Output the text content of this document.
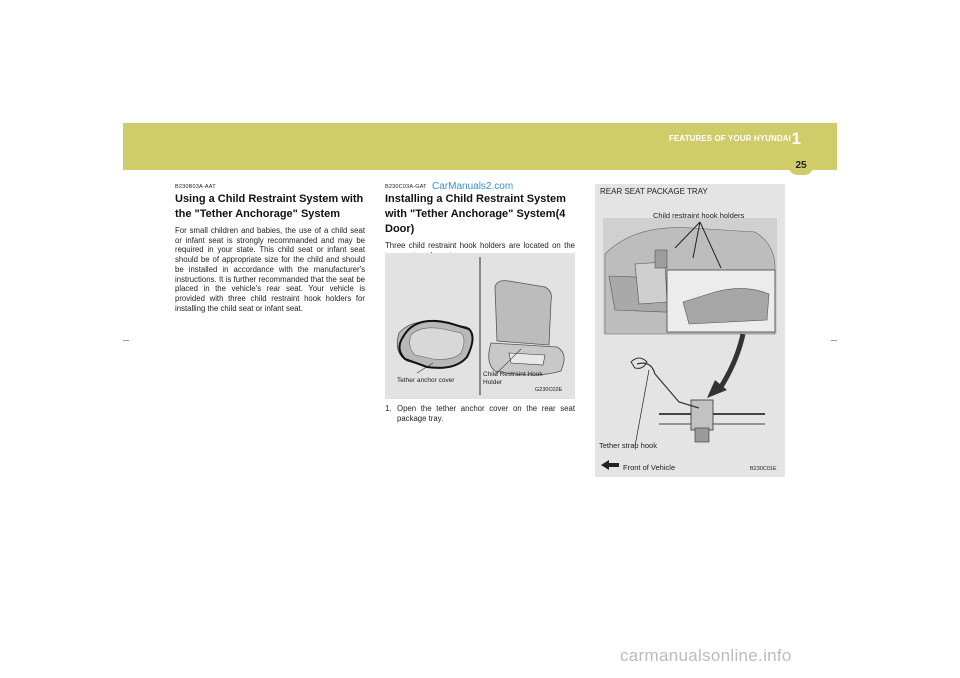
FEATURES OF YOUR HYUNDAI 1
25
B230B03A-AAT
Using a Child Restraint System with the "Tether Anchorage" System
For small children and babies, the use of a child seat or infant seat is strongly recommanded and may be required in your state. This child seat or infant seat should be of appropriate size for the child and should be installed in accordance with the manufacturer's instructions. It is further recommanded that the seat be placed in the vehicle's rear seat. Your vehicle is provided with three child restraint hook holders for installing the child seat or infant seat.
B230C03A-GAT
Installing a Child Restraint System with "Tether Anchorage" System(4 Door)
Three child restraint hook holders are located on the
CarManuals2.com
Tether anchor cover
Child Restraint Hook Holder
G230C02E
1. Open the tether anchor cover on the rear seat package tray.
REAR SEAT PACKAGE TRAY
Child restraint hook holders
Tether strap hook
Front of Vehicle	B230C01E
carmanualsonline.info
